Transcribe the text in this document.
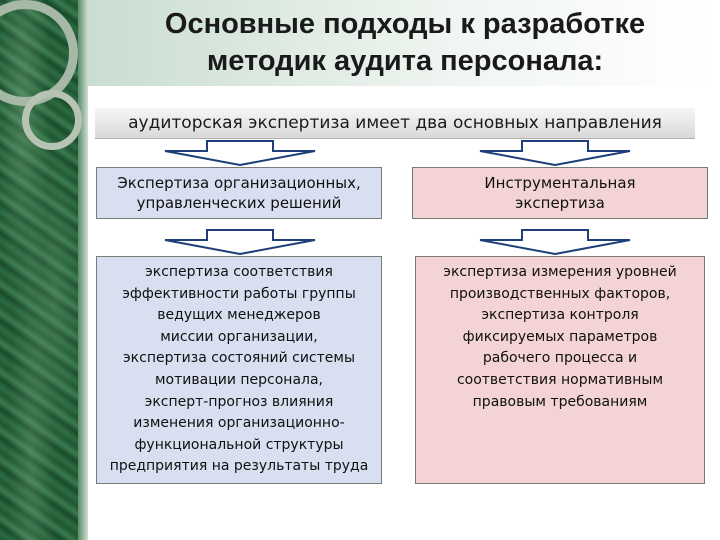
Основные подходы к разработке
методик аудита персонала:
аудиторская экспертиза имеет два основных направления
Экспертиза организационных,
управленческих решений
Инструментальная
экспертиза
экспертиза соответствия
эффективности работы группы
ведущих менеджеров
миссии организации,
экспертиза состояний системы
мотивации персонала,
эксперт-прогноз влияния
изменения организационно-
функциональной структуры
предприятия на результаты труда
экспертиза измерения уровней
производственных факторов,
экспертиза контроля
фиксируемых параметров
рабочего процесса и
соответствия нормативным
правовым требованиям
